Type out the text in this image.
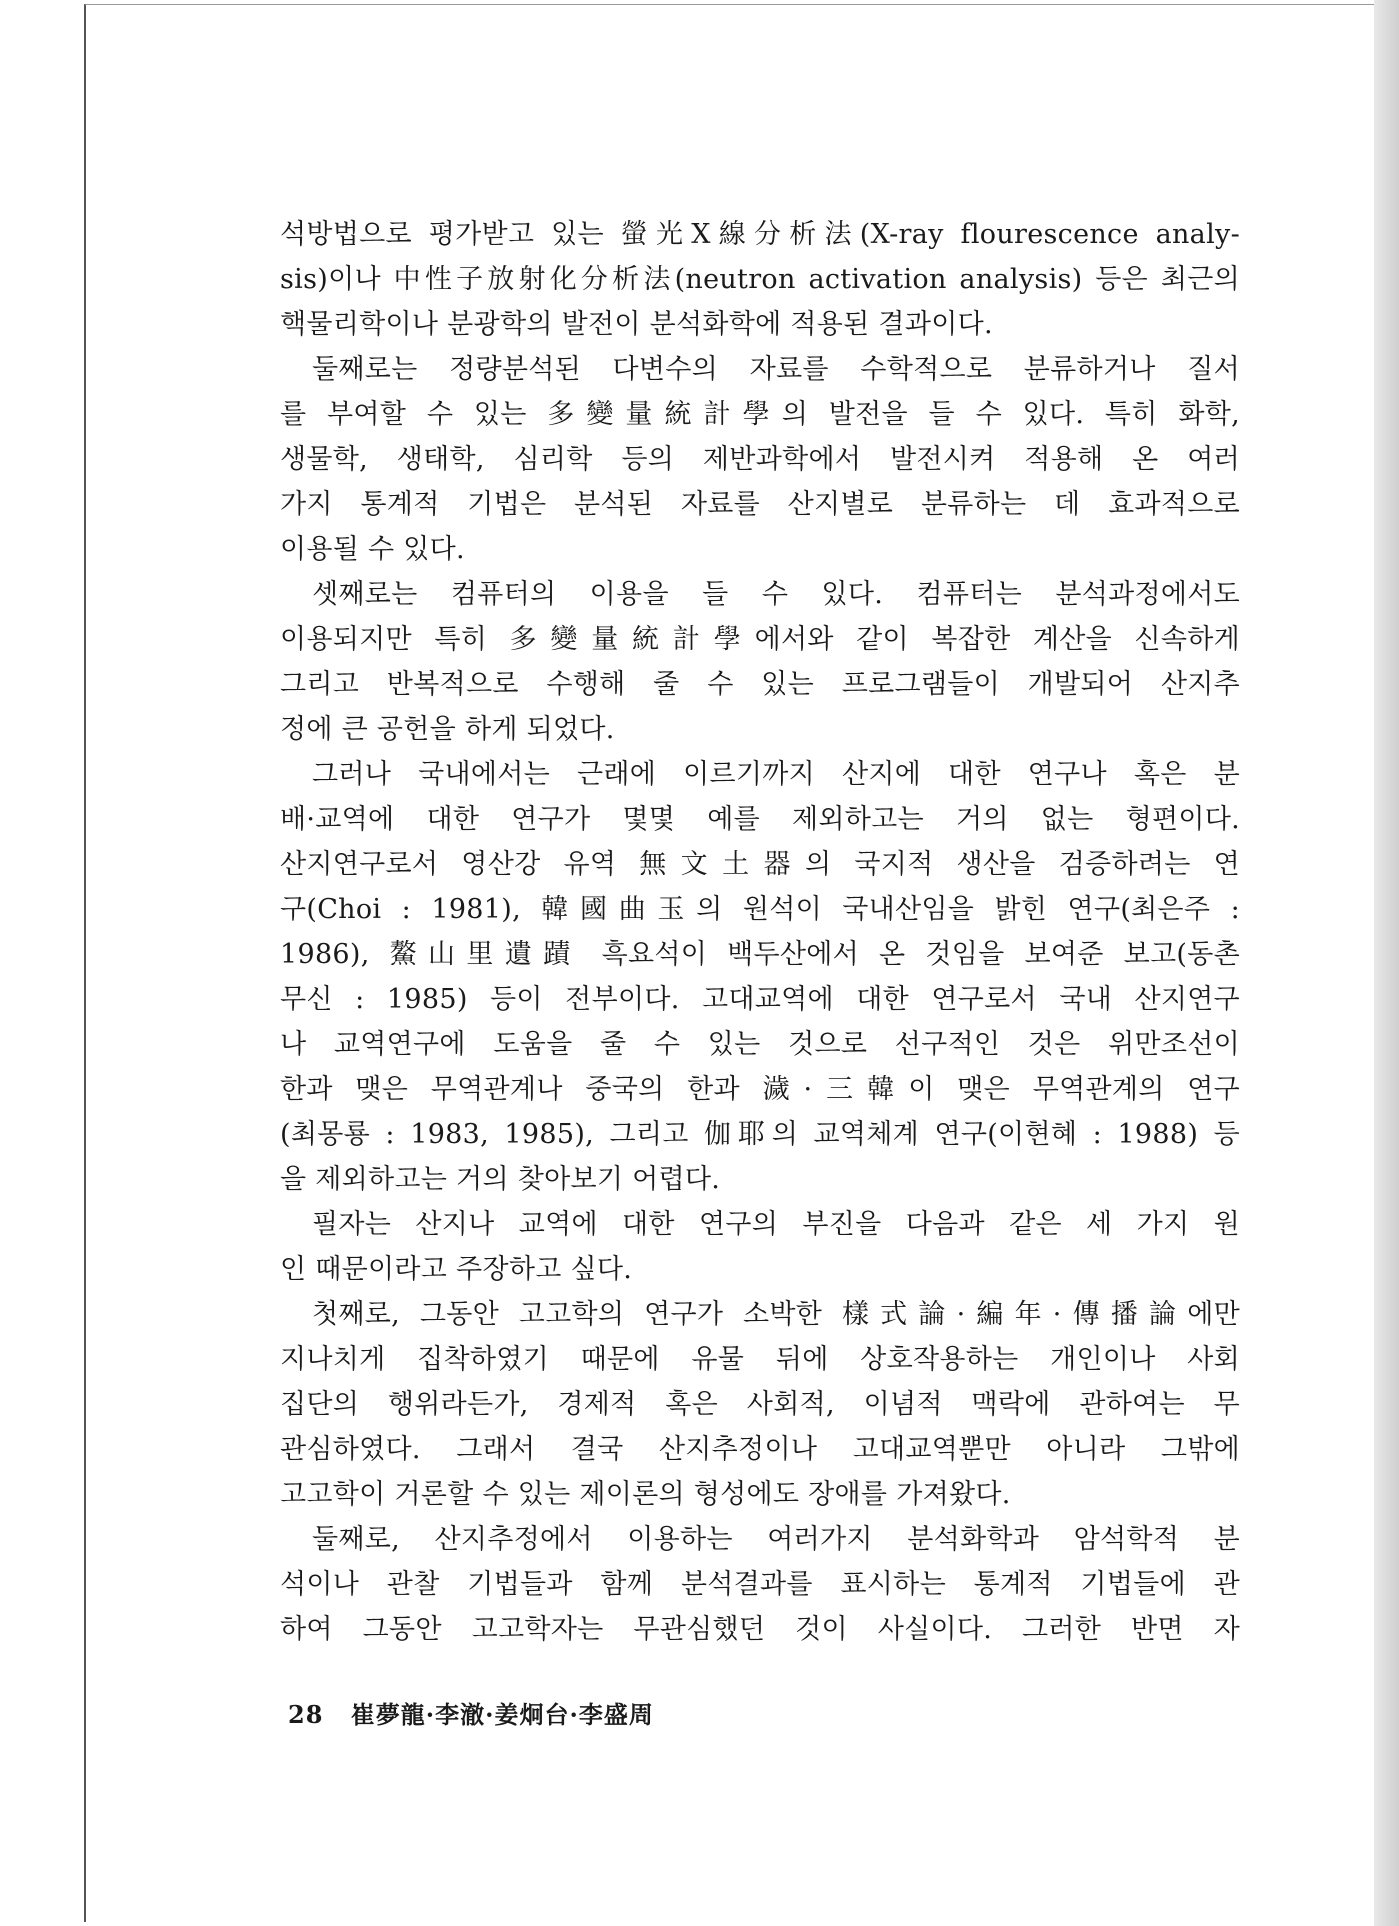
석방법으로 평가받고 있는 螢光X線分析法(X-ray flourescence analy-
sis)이나 中性子放射化分析法(neutron activation analysis) 등은 최근의
핵물리학이나 분광학의 발전이 분석화학에 적용된 결과이다.
둘째로는 정량분석된 다변수의 자료를 수학적으로 분류하거나 질서
를 부여할 수 있는 多變量統計學의 발전을 들 수 있다. 특히 화학,
생물학, 생태학, 심리학 등의 제반과학에서 발전시켜 적용해 온 여러
가지 통계적 기법은 분석된 자료를 산지별로 분류하는 데 효과적으로
이용될 수 있다.
셋째로는 컴퓨터의 이용을 들 수 있다. 컴퓨터는 분석과정에서도
이용되지만 특히 多變量統計學에서와 같이 복잡한 계산을 신속하게
그리고 반복적으로 수행해 줄 수 있는 프로그램들이 개발되어 산지추
정에 큰 공헌을 하게 되었다.
그러나 국내에서는 근래에 이르기까지 산지에 대한 연구나 혹은 분
배·교역에 대한 연구가 몇몇 예를 제외하고는 거의 없는 형편이다.
산지연구로서 영산강 유역 無文土器의 국지적 생산을 검증하려는 연
구(Choi : 1981), 韓國曲玉의 원석이 국내산임을 밝힌 연구(최은주 :
1986), 鰲山里遺蹟 흑요석이 백두산에서 온 것임을 보여준 보고(동촌
무신 : 1985) 등이 전부이다. 고대교역에 대한 연구로서 국내 산지연구
나 교역연구에 도움을 줄 수 있는 것으로 선구적인 것은 위만조선이
한과 맺은 무역관계나 중국의 한과 濊·三韓이 맺은 무역관계의 연구
(최몽룡 : 1983, 1985), 그리고 伽耶의 교역체계 연구(이현혜 : 1988) 등
을 제외하고는 거의 찾아보기 어렵다.
필자는 산지나 교역에 대한 연구의 부진을 다음과 같은 세 가지 원
인 때문이라고 주장하고 싶다.
첫째로, 그동안 고고학의 연구가 소박한 樣式論·編年·傳播論에만
지나치게 집착하였기 때문에 유물 뒤에 상호작용하는 개인이나 사회
집단의 행위라든가, 경제적 혹은 사회적, 이념적 맥락에 관하여는 무
관심하였다. 그래서 결국 산지추정이나 고대교역뿐만 아니라 그밖에
고고학이 거론할 수 있는 제이론의 형성에도 장애를 가져왔다.
둘째로, 산지추정에서 이용하는 여러가지 분석화학과 암석학적 분
석이나 관찰 기법들과 함께 분석결과를 표시하는 통계적 기법들에 관
하여 그동안 고고학자는 무관심했던 것이 사실이다. 그러한 반면 자
28 崔夢龍·李澈·姜炯台·李盛周
